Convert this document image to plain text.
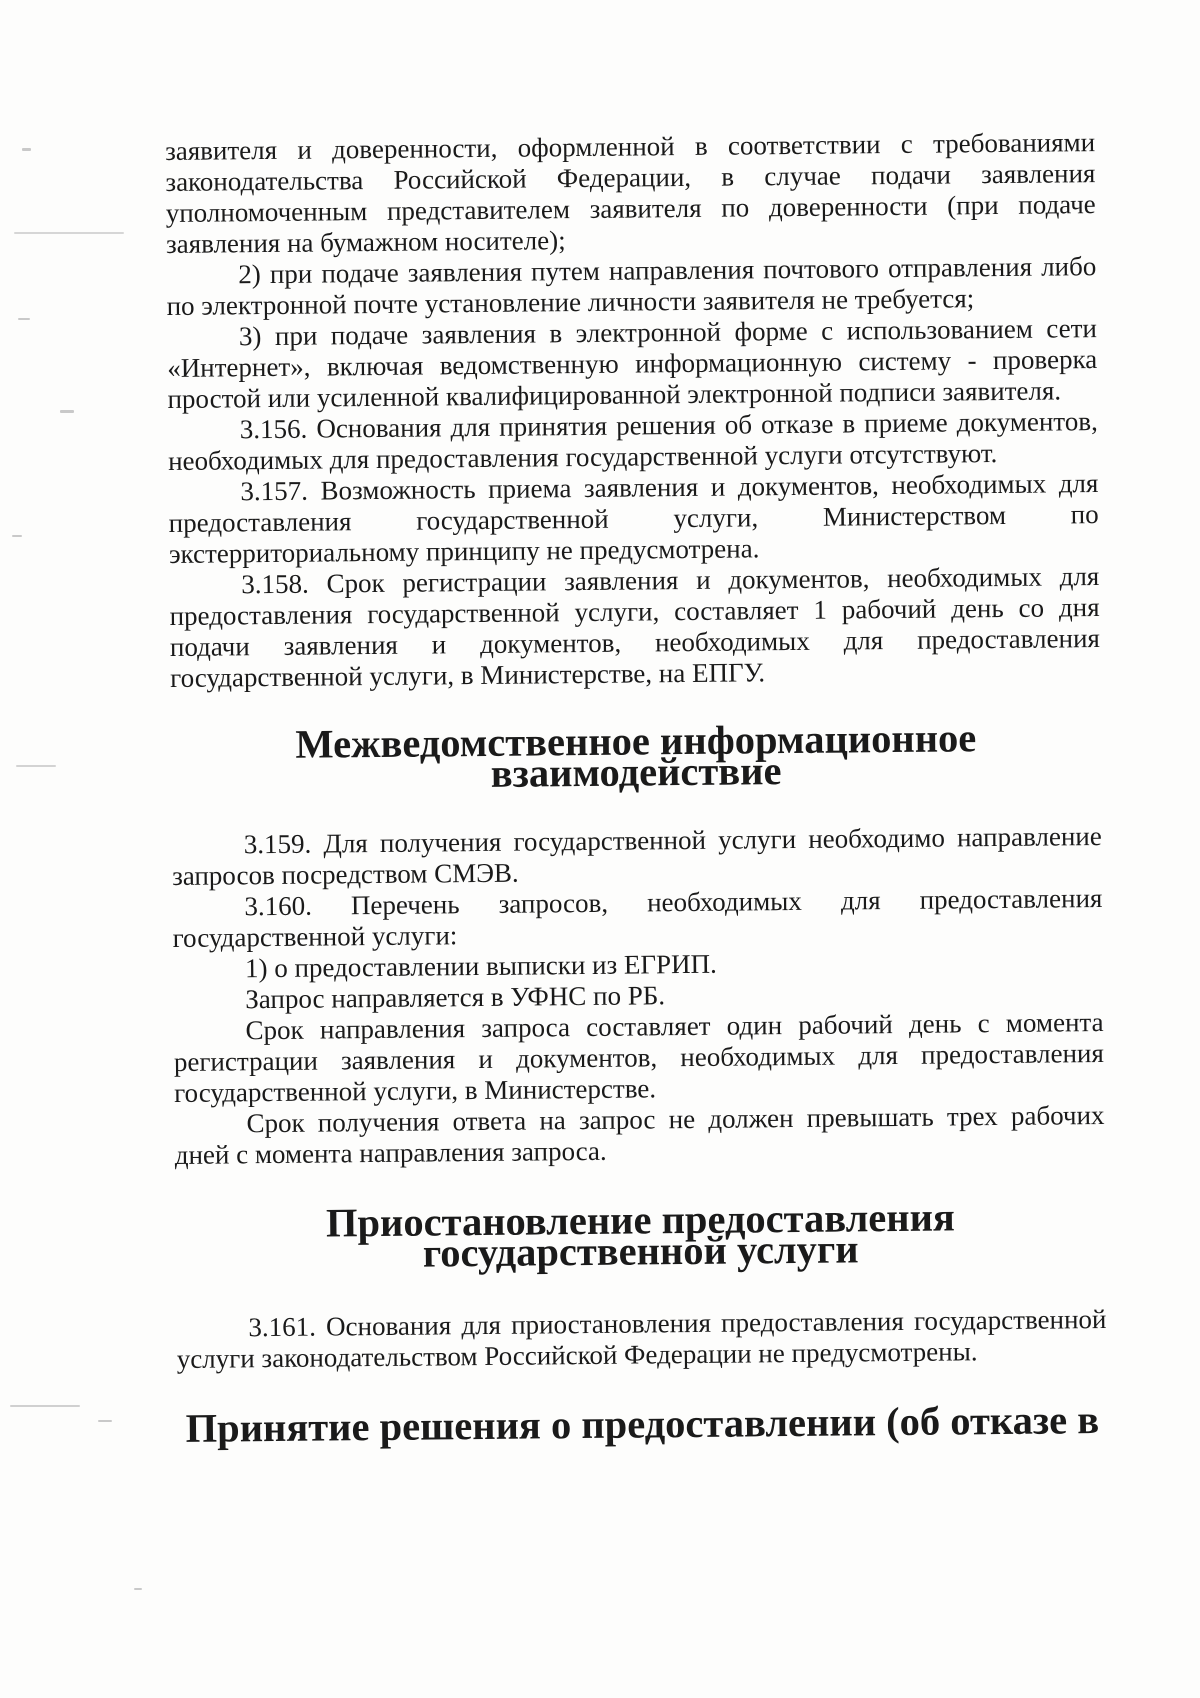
заявителя и доверенности, оформленной в соответствии с требованиями законодательства Российской Федерации, в случае подачи заявления уполномоченным представителем заявителя по доверенности (при подаче заявления на бумажном носителе);

2) при подаче заявления путем направления почтового отправления либо по электронной почте установление личности заявителя не требуется;

3) при подаче заявления в электронной форме с использованием сети «Интернет», включая ведомственную информационную систему - проверка простой или усиленной квалифицированной электронной подписи заявителя.

3.156. Основания для принятия решения об отказе в приеме документов, необходимых для предоставления государственной услуги отсутствуют.

3.157. Возможность приема заявления и документов, необходимых для предоставления государственной услуги, Министерством по экстерриториальному принципу не предусмотрена.

3.158. Срок регистрации заявления и документов, необходимых для предоставления государственной услуги, составляет 1 рабочий день со дня подачи заявления и документов, необходимых для предоставления государственной услуги, в Министерстве, на ЕПГУ.

Межведомственное информационное взаимодействие

3.159. Для получения государственной услуги необходимо направление запросов посредством СМЭВ.

3.160. Перечень запросов, необходимых для предоставления государственной услуги:

1) о предоставлении выписки из ЕГРИП.

Запрос направляется в УФНС по РБ.

Срок направления запроса составляет один рабочий день с момента регистрации заявления и документов, необходимых для предоставления государственной услуги, в Министерстве.

Срок получения ответа на запрос не должен превышать трех рабочих дней с момента направления запроса.

Приостановление предоставления государственной услуги

3.161. Основания для приостановления предоставления государственной услуги законодательством Российской Федерации не предусмотрены.

Принятие решения о предоставлении (об отказе в
